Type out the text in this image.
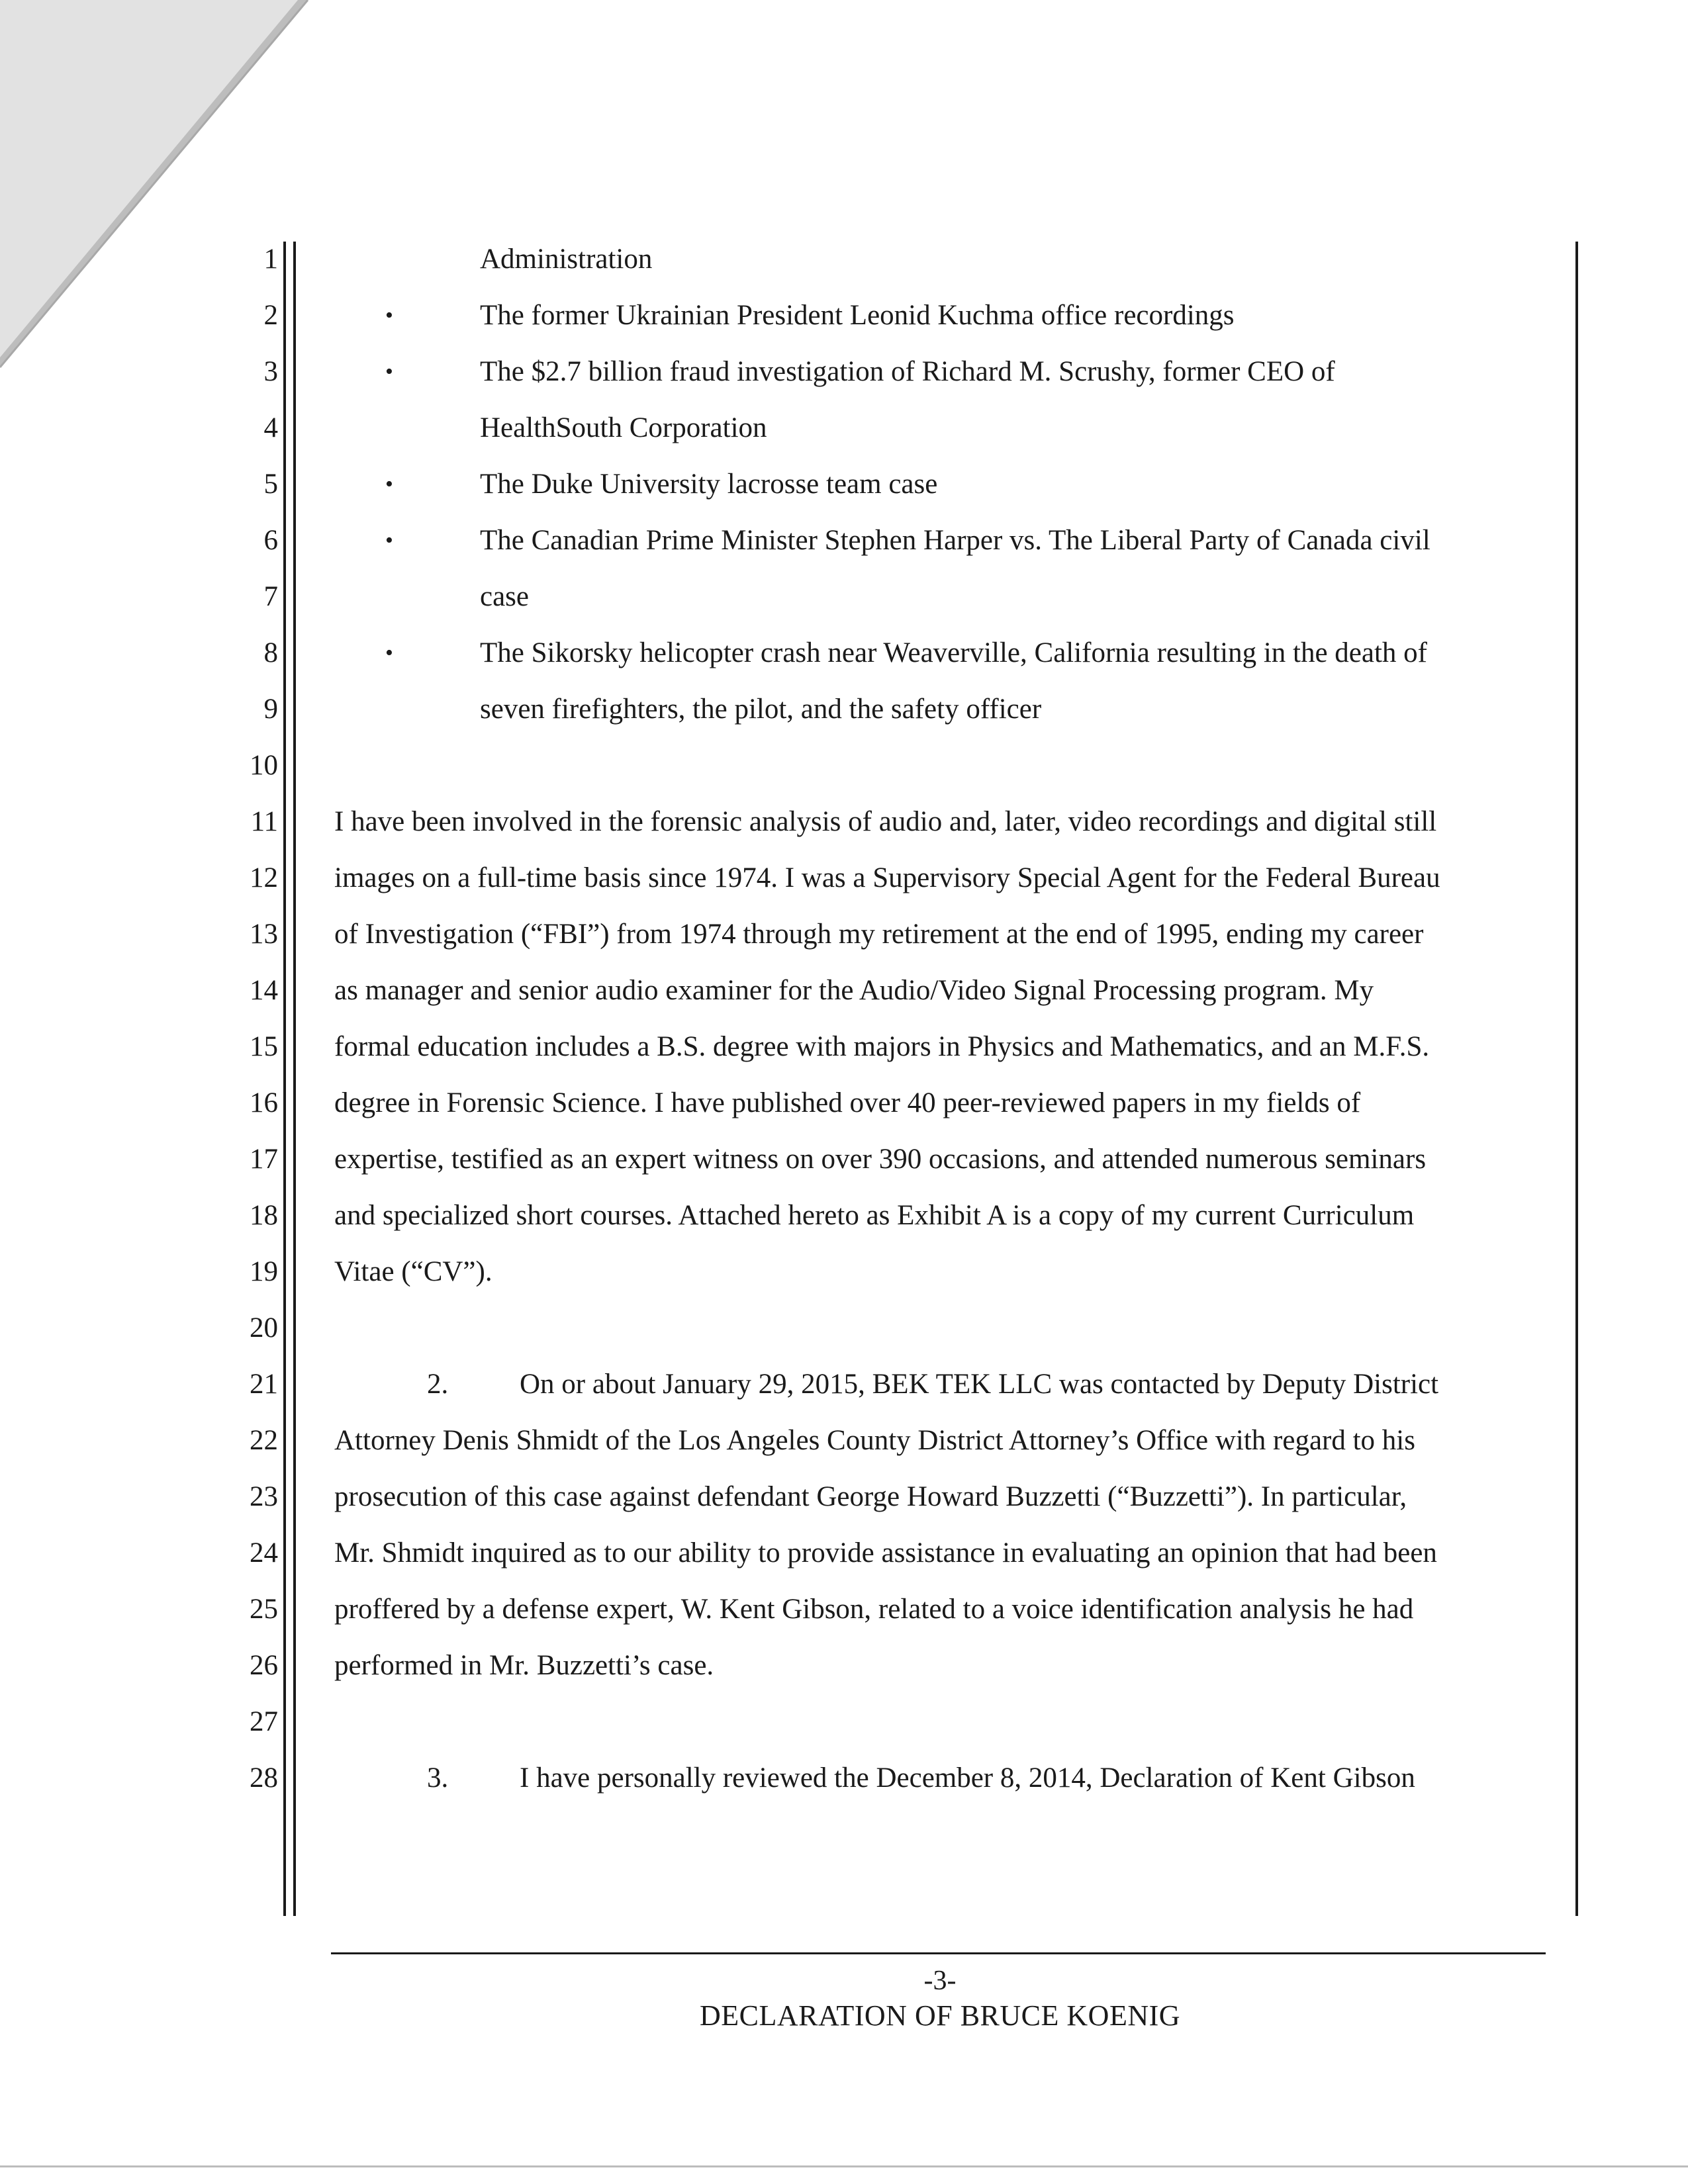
1
2
3
4
5
6
7
8
9
10
11
12
13
14
15
16
17
18
19
20
21
22
23
24
25
26
27
28
Administration
•	The former Ukrainian President Leonid Kuchma office recordings
•	The $2.7 billion fraud investigation of Richard M. Scrushy, former CEO of
HealthSouth Corporation
•	The Duke University lacrosse team case
•	The Canadian Prime Minister Stephen Harper vs. The Liberal Party of Canada civil
case
•	The Sikorsky helicopter crash near Weaverville, California resulting in the death of
seven firefighters, the pilot, and the safety officer
I have been involved in the forensic analysis of audio and, later, video recordings and digital still
images on a full-time basis since 1974. I was a Supervisory Special Agent for the Federal Bureau
of Investigation (“FBI”) from 1974 through my retirement at the end of 1995, ending my career
as manager and senior audio examiner for the Audio/Video Signal Processing program. My
formal education includes a B.S. degree with majors in Physics and Mathematics, and an M.F.S.
degree in Forensic Science. I have published over 40 peer-reviewed papers in my fields of
expertise, testified as an expert witness on over 390 occasions, and attended numerous seminars
and specialized short courses. Attached hereto as Exhibit A is a copy of my current Curriculum
Vitae (“CV”).
2.	On or about January 29, 2015, BEK TEK LLC was contacted by Deputy District
Attorney Denis Shmidt of the Los Angeles County District Attorney’s Office with regard to his
prosecution of this case against defendant George Howard Buzzetti (“Buzzetti”). In particular,
Mr. Shmidt inquired as to our ability to provide assistance in evaluating an opinion that had been
proffered by a defense expert, W. Kent Gibson, related to a voice identification analysis he had
performed in Mr. Buzzetti’s case.
3.	I have personally reviewed the December 8, 2014, Declaration of Kent Gibson
-3-
DECLARATION OF BRUCE KOENIG
